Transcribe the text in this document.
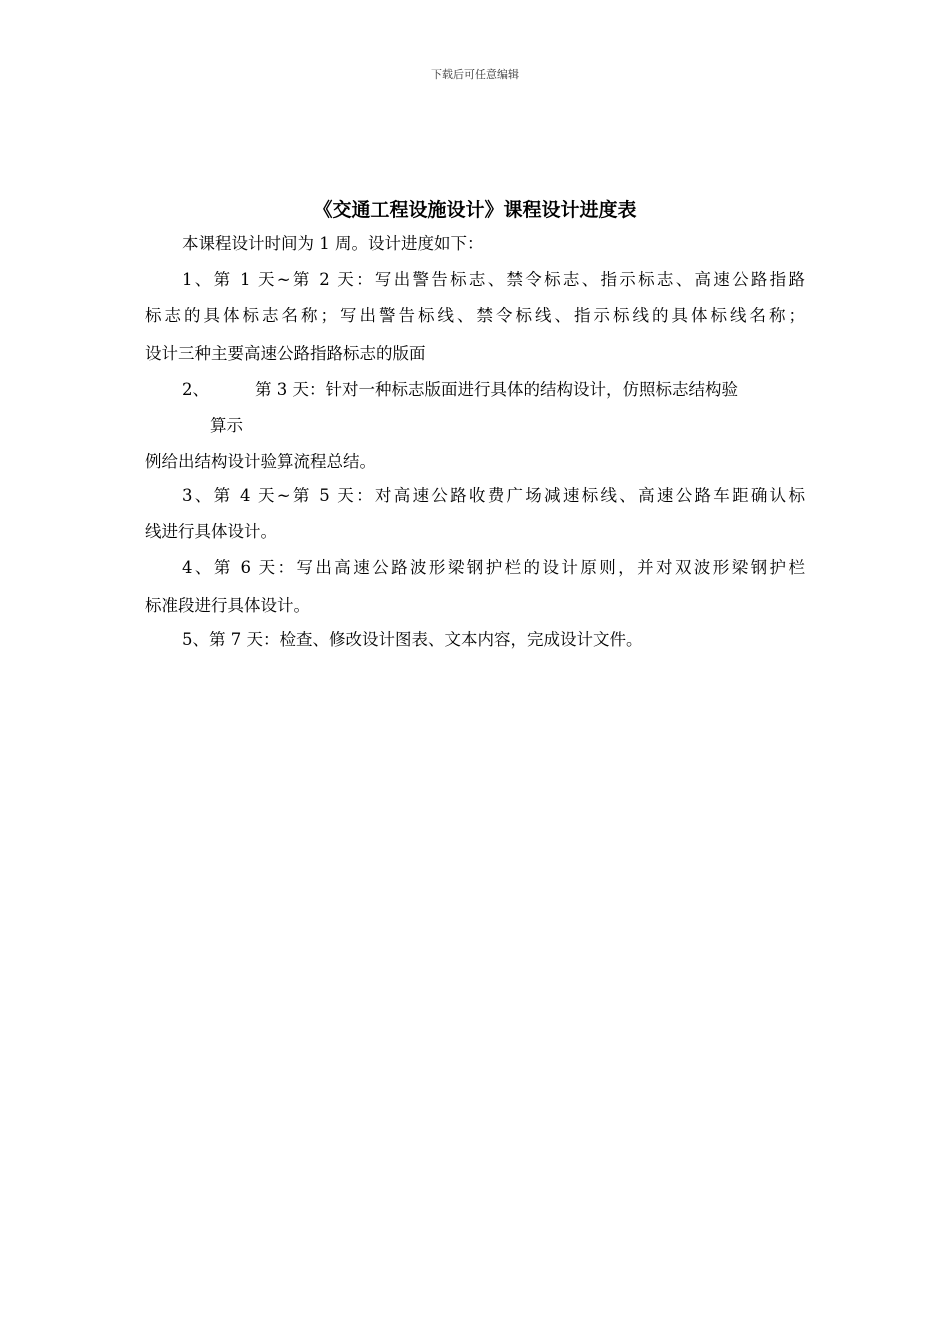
下载后可任意编辑
《交通工程设施设计》课程设计进度表
本课程设计时间为 1 周。设计进度如下：
1、第 1 天~第 2 天：写出警告标志、禁令标志、指示标志、高速公路指路
标志的具体标志名称；写出警告标线、禁令标线、指示标线的具体标线名称；
设计三种主要高速公路指路标志的版面
2、	第 3 天：针对一种标志版面进行具体的结构设计，仿照标志结构验
算示
例给出结构设计验算流程总结。
3、第 4 天~第 5 天：对高速公路收费广场减速标线、高速公路车距确认标
线进行具体设计。
4、第 6 天：写出高速公路波形梁钢护栏的设计原则，并对双波形梁钢护栏
标准段进行具体设计。
5、第 7 天：检查、修改设计图表、文本内容，完成设计文件。
